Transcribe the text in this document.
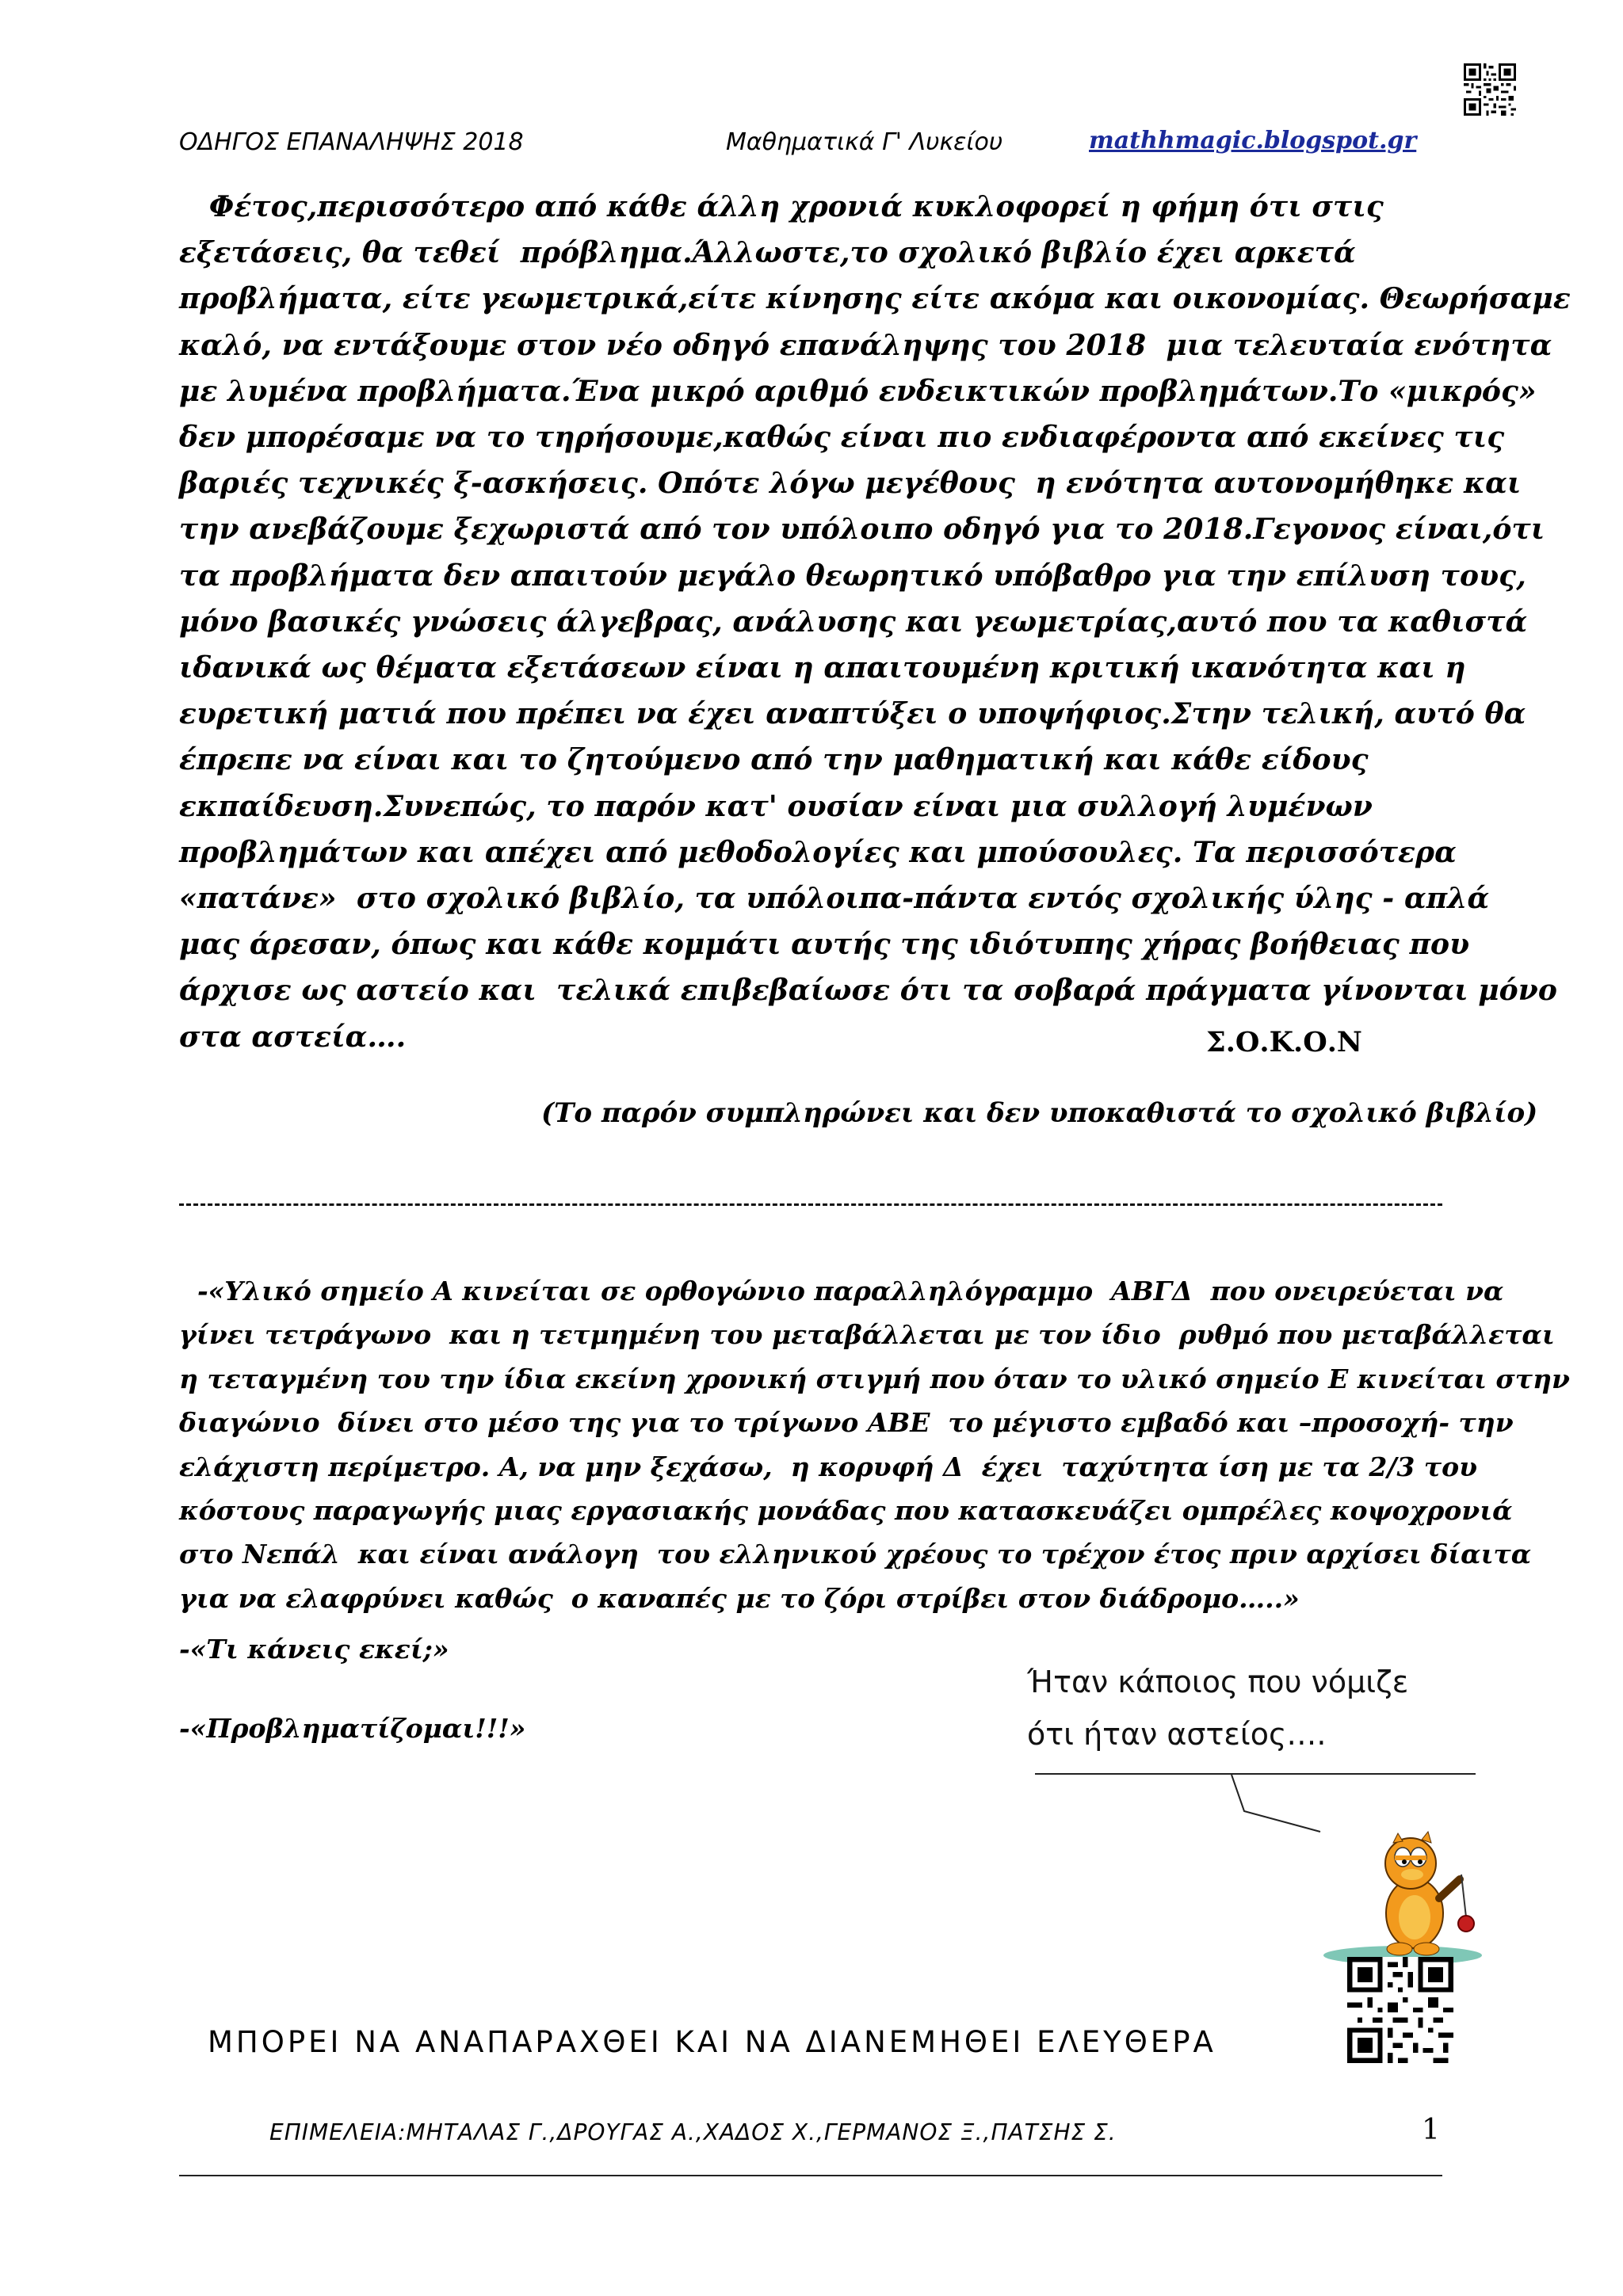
ΟΔΗΓΟΣ ΕΠΑΝΑΛΗΨΗΣ 2018	Μαθηματικά Γ' Λυκείου	mathhmagic.blogspot.gr
Φέτος,περισσότερο από κάθε άλλη χρονιά κυκλοφορεί η φήμη ότι στις
εξετάσεις, θα τεθεί  πρόβλημα.Άλλωστε,το σχολικό βιβλίο έχει αρκετά
προβλήματα, είτε γεωμετρικά,είτε κίνησης είτε ακόμα και οικονομίας. Θεωρήσαμε
καλό, να εντάξουμε στον νέο οδηγό επανάληψης του 2018  μια τελευταία ενότητα
με λυμένα προβλήματα.Ένα μικρό αριθμό ενδεικτικών προβλημάτων.Το «μικρός»
δεν μπορέσαμε να το τηρήσουμε,καθώς είναι πιο ενδιαφέροντα από εκείνες τις
βαριές τεχνικές ξ-ασκήσεις. Οπότε λόγω μεγέθους  η ενότητα αυτονομήθηκε και
την ανεβάζουμε ξεχωριστά από τον υπόλοιπο οδηγό για το 2018.Γεγονος είναι,ότι
τα προβλήματα δεν απαιτούν μεγάλο θεωρητικό υπόβαθρο για την επίλυση τους,
μόνο βασικές γνώσεις άλγεβρας, ανάλυσης και γεωμετρίας,αυτό που τα καθιστά
ιδανικά ως θέματα εξετάσεων είναι η απαιτουμένη κριτική ικανότητα και η
ευρετική ματιά που πρέπει να έχει αναπτύξει ο υποψήφιος.Στην τελική, αυτό θα
έπρεπε να είναι και το ζητούμενο από την μαθηματική και κάθε είδους
εκπαίδευση.Συνεπώς, το παρόν κατ' ουσίαν είναι μια συλλογή λυμένων
προβλημάτων και απέχει από μεθοδολογίες και μπούσουλες. Τα περισσότερα
«πατάνε»  στο σχολικό βιβλίο, τα υπόλοιπα-πάντα εντός σχολικής ύλης - απλά
μας άρεσαν, όπως και κάθε κομμάτι αυτής της ιδιότυπης χήρας βοήθειας που
άρχισε ως αστείο και  τελικά επιβεβαίωσε ότι τα σοβαρά πράγματα γίνονται μόνο
στα αστεία….	Σ.Ο.Κ.Ο.Ν
(Το παρόν συμπληρώνει και δεν υποκαθιστά το σχολικό βιβλίο)
-«Υλικό σημείο Α κινείται σε ορθογώνιο παραλληλόγραμμο  ΑΒΓΔ  που ονειρεύεται να
γίνει τετράγωνο  και η τετμημένη του μεταβάλλεται με τον ίδιο  ρυθμό που μεταβάλλεται
η τεταγμένη του την ίδια εκείνη χρονική στιγμή που όταν το υλικό σημείο Ε κινείται στην
διαγώνιο  δίνει στο μέσο της για το τρίγωνο ΑΒΕ  το μέγιστο εμβαδό και –προσοχή- την
ελάχιστη περίμετρο. Α, να μην ξεχάσω,  η κορυφή Δ  έχει  ταχύτητα ίση με τα 2/3 του
κόστους παραγωγής μιας εργασιακής μονάδας που κατασκευάζει ομπρέλες κοψοχρονιά
στο Νεπάλ  και είναι ανάλογη  του ελληνικού χρέους το τρέχον έτος πριν αρχίσει δίαιτα
για να ελαφρύνει καθώς  ο καναπές με το ζόρι στρίβει στον διάδρομο…..»
-«Τι κάνεις εκεί;»
-«Προβληματίζομαι!!!»
Ήταν κάποιος που νόμιζε
ότι ήταν αστείος….
ΜΠΟΡΕΙ ΝΑ ΑΝΑΠΑΡΑΧΘΕΙ ΚΑΙ ΝΑ ΔΙΑΝΕΜΗΘΕΙ ΕΛΕΥΘΕΡΑ
ΕΠΙΜΕΛΕΙΑ:ΜΗΤΑΛΑΣ Γ.,ΔΡΟΥΓΑΣ Α.,ΧΑΔΟΣ Χ.,ΓΕΡΜΑΝΟΣ Ξ.,ΠΑΤΣΗΣ Σ.	1
